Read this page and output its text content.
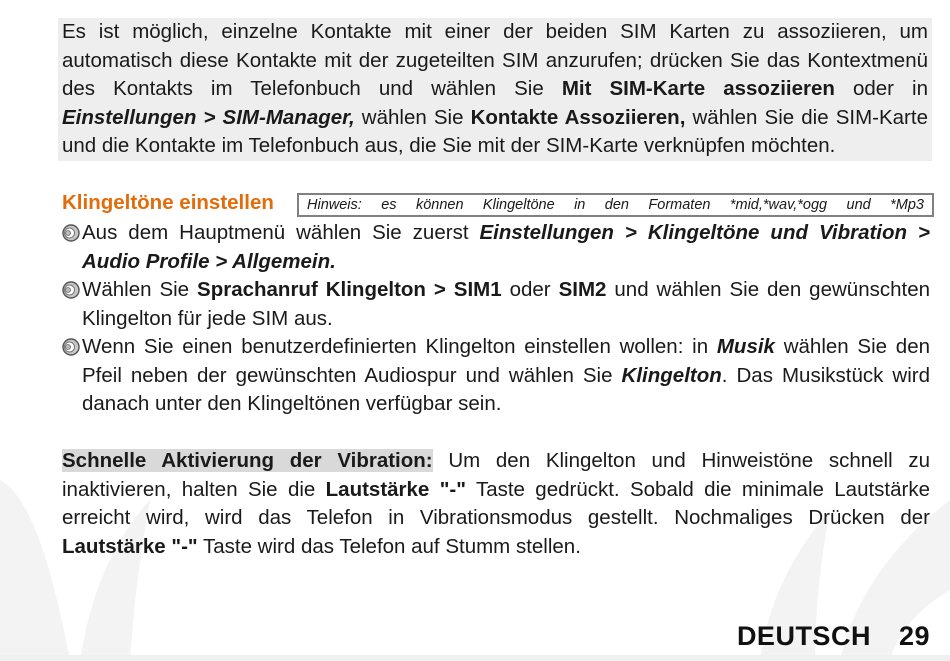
Es ist möglich, einzelne Kontakte mit einer der beiden SIM Karten zu assoziieren, um automatisch diese Kontakte mit der zugeteilten SIM anzurufen; drücken Sie das Kontextmenü des Kontakts im Telefonbuch und wählen Sie Mit SIM-Karte assoziieren oder in Einstellungen > SIM-Manager, wählen Sie Kontakte Assoziieren, wählen Sie die SIM-Karte und die Kontakte im Telefonbuch aus, die Sie mit der SIM-Karte verknüpfen möchten.
Klingeltöne einstellen	Hinweis: es können Klingeltöne in den Formaten *mid,*wav,*ogg und *Mp3
Aus dem Hauptmenü wählen Sie zuerst Einstellungen > Klingeltöne und Vibration > Audio Profile > Allgemein.
Wählen Sie Sprachanruf Klingelton > SIM1 oder SIM2 und wählen Sie den gewünschten Klingelton für jede SIM aus.
Wenn Sie einen benutzerdefinierten Klingelton einstellen wollen: in Musik wählen Sie den Pfeil neben der gewünschten Audiospur und wählen Sie Klingelton. Das Musikstück wird danach unter den Klingeltönen verfügbar sein.
Schnelle Aktivierung der Vibration: Um den Klingelton und Hinweistöne schnell zu inaktivieren, halten Sie die Lautstärke "-" Taste gedrückt. Sobald die minimale Lautstärke erreicht wird, wird das Telefon in Vibrationsmodus gestellt. Nochmaliges Drücken der Lautstärke "-" Taste wird das Telefon auf Stumm stellen.
DEUTSCH 29
